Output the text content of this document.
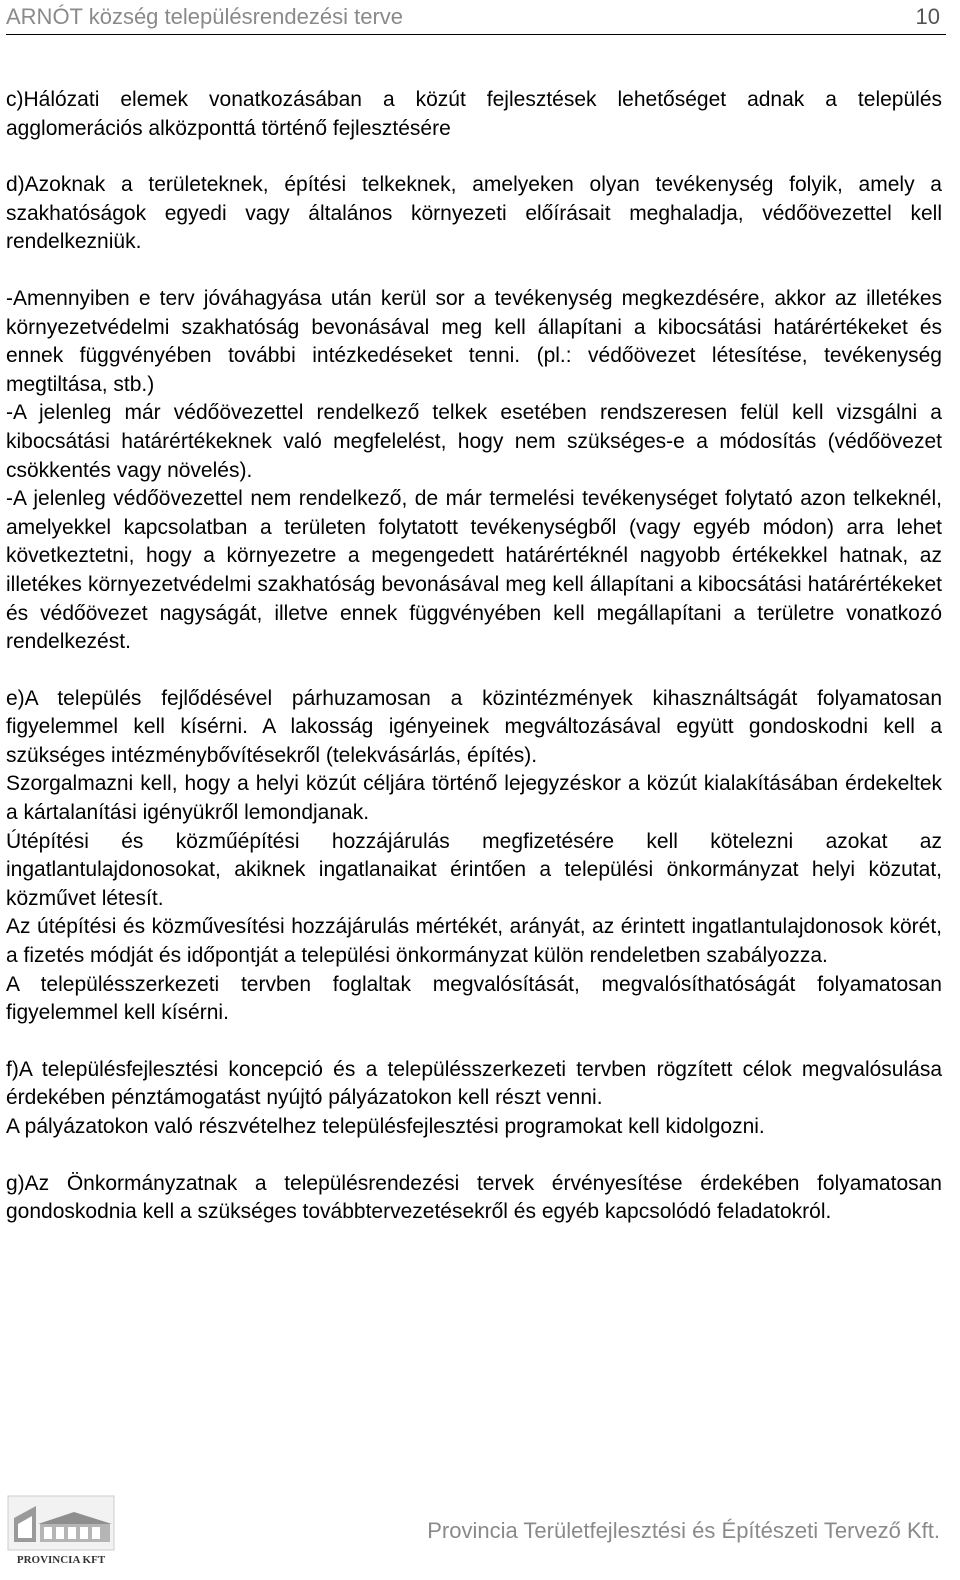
ARNÓT község településrendezési terve	10

c)Hálózati elemek vonatkozásában a közút fejlesztések lehetőséget adnak a település agglomerációs alközponttá történő fejlesztésére

d)Azoknak a területeknek, építési telkeknek, amelyeken olyan tevékenység folyik, amely a szakhatóságok egyedi vagy általános környezeti előírásait meghaladja, védőövezettel kell rendelkezniük.

-Amennyiben e terv jóváhagyása után kerül sor a tevékenység megkezdésére, akkor az illetékes környezetvédelmi szakhatóság bevonásával meg kell állapítani a kibocsátási határértékeket és ennek függvényében további intézkedéseket tenni. (pl.: védőövezet létesítése, tevékenység megtiltása, stb.)

-A jelenleg már védőövezettel rendelkező telkek esetében rendszeresen felül kell vizsgálni a kibocsátási határértékeknek való megfelelést, hogy nem szükséges-e a módosítás (védőövezet csökkentés vagy növelés).

-A jelenleg védőövezettel nem rendelkező, de már termelési tevékenységet folytató azon telkeknél, amelyekkel kapcsolatban a területen folytatott tevékenységből (vagy egyéb módon) arra lehet következtetni, hogy a környezetre a megengedett határértéknél nagyobb értékekkel hatnak, az illetékes környezetvédelmi szakhatóság bevonásával meg kell állapítani a kibocsátási határértékeket és védőövezet nagyságát, illetve ennek függvényében kell megállapítani a területre vonatkozó rendelkezést.

e)A település fejlődésével párhuzamosan a közintézmények kihasználtságát folyamatosan figyelemmel kell kísérni. A lakosság igényeinek megváltozásával együtt gondoskodni kell a szükséges intézménybővítésekről (telekvásárlás, építés).

Szorgalmazni kell, hogy a helyi közút céljára történő lejegyzéskor a közút kialakításában érdekeltek a kártalanítási igényükről lemondjanak.

Útépítési és közműépítési hozzájárulás megfizetésére kell kötelezni azokat az ingatlantulajdonosokat, akiknek ingatlanaikat érintően a települési önkormányzat helyi közutat, közművet létesít.

Az útépítési és közművesítési hozzájárulás mértékét, arányát, az érintett ingatlantulajdonosok körét, a fizetés módját és időpontját a települési önkormányzat külön rendeletben szabályozza.

A településszerkezeti tervben foglaltak megvalósítását, megvalósíthatóságát folyamatosan figyelemmel kell kísérni.

f)A településfejlesztési koncepció és a településszerkezeti tervben rögzített célok megvalósulása érdekében pénztámogatást nyújtó pályázatokon kell részt venni.

A pályázatokon való részvételhez településfejlesztési programokat kell kidolgozni.

g)Az Önkormányzatnak a településrendezési tervek érvényesítése érdekében folyamatosan gondoskodnia kell a szükséges továbbtervezetésekről és egyéb kapcsolódó feladatokról.

PROVINCIA KFT
Provincia Területfejlesztési és Építészeti Tervező Kft.
